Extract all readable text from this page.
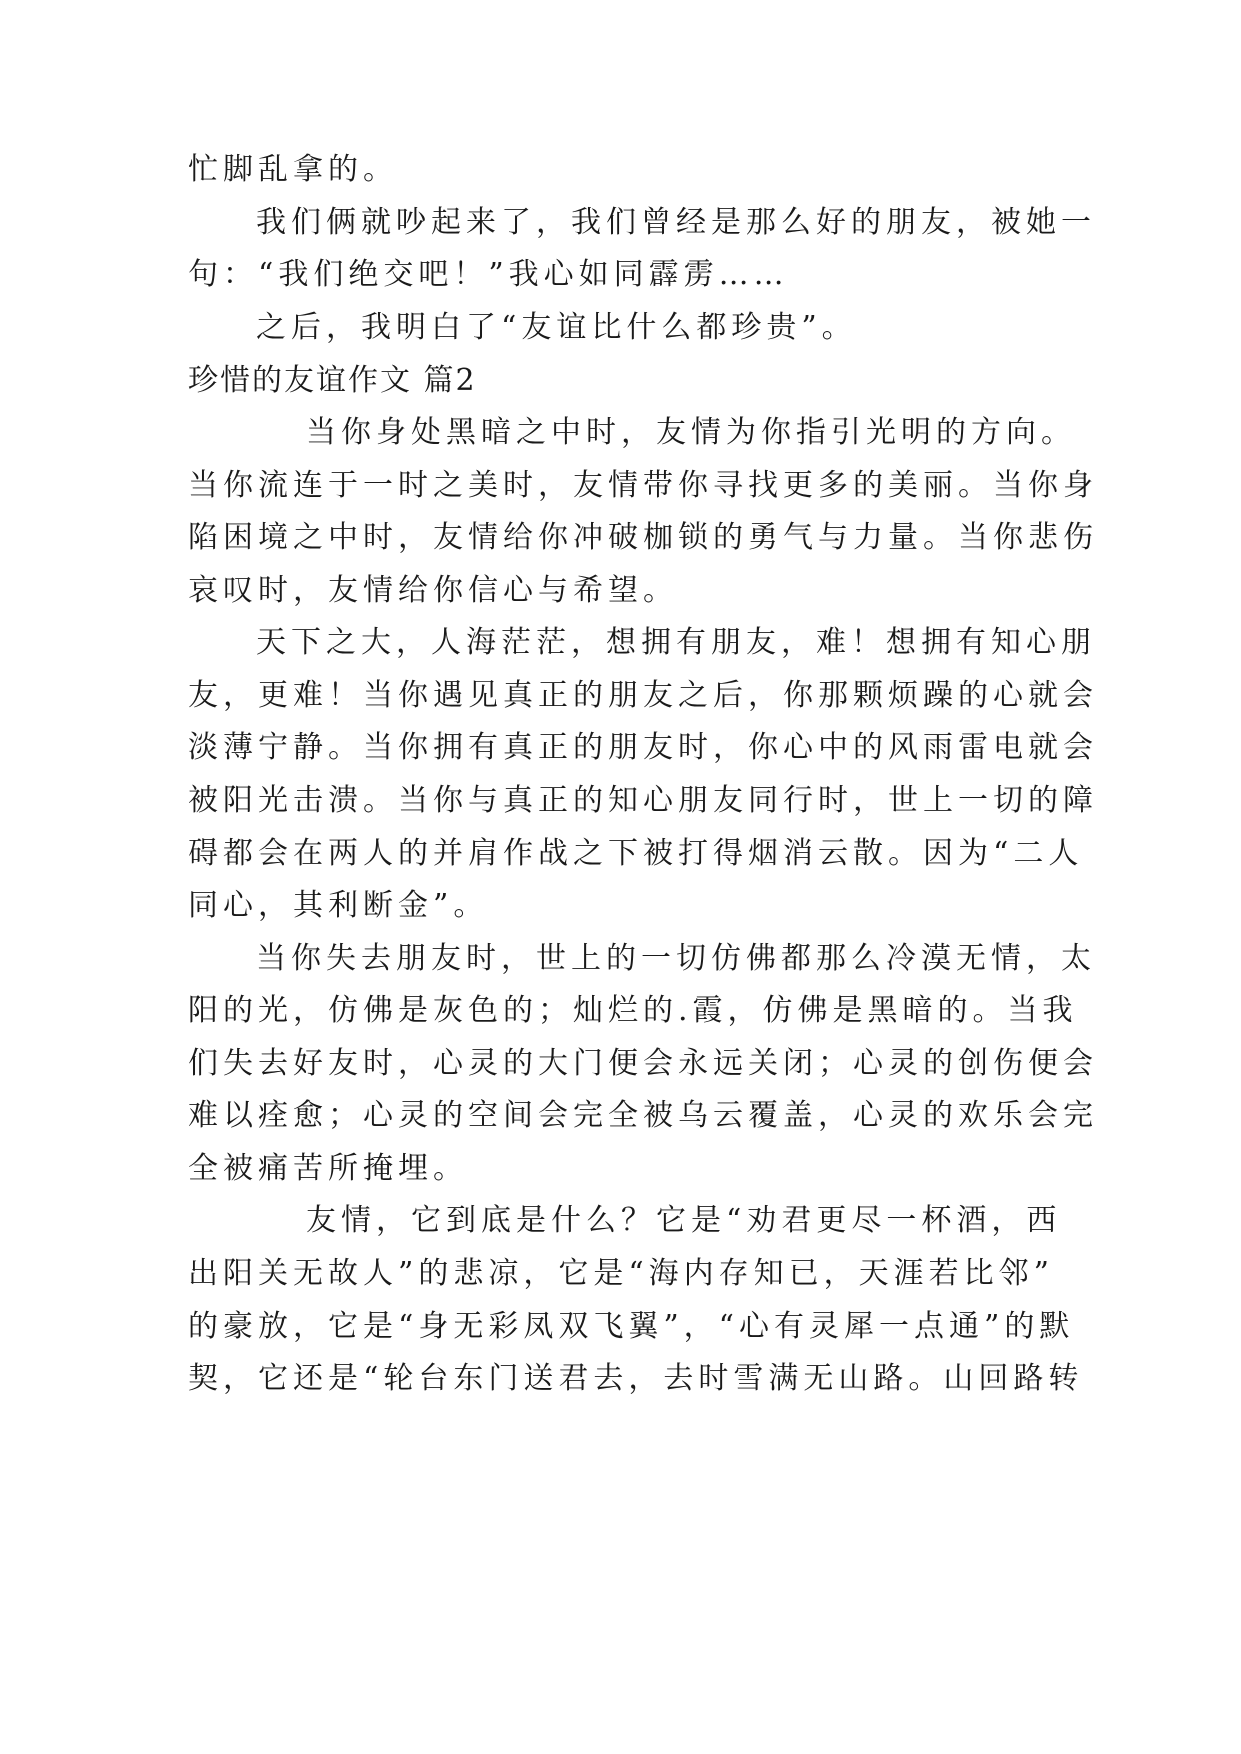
忙脚乱拿的。
我们俩就吵起来了，我们曾经是那么好的朋友，被她一
句：“我们绝交吧！”我心如同霹雳……
之后，我明白了“友谊比什么都珍贵”。
珍惜的友谊作文 篇2
当你身处黑暗之中时，友情为你指引光明的方向。
当你流连于一时之美时，友情带你寻找更多的美丽。当你身
陷困境之中时，友情给你冲破枷锁的勇气与力量。当你悲伤
哀叹时，友情给你信心与希望。
天下之大，人海茫茫，想拥有朋友，难！想拥有知心朋
友，更难！当你遇见真正的朋友之后，你那颗烦躁的心就会
淡薄宁静。当你拥有真正的朋友时，你心中的风雨雷电就会
被阳光击溃。当你与真正的知心朋友同行时，世上一切的障
碍都会在两人的并肩作战之下被打得烟消云散。因为“二人
同心，其利断金”。
当你失去朋友时，世上的一切仿佛都那么冷漠无情，太
阳的光，仿佛是灰色的；灿烂的.霞，仿佛是黑暗的。当我
们失去好友时，心灵的大门便会永远关闭；心灵的创伤便会
难以痊愈；心灵的空间会完全被乌云覆盖，心灵的欢乐会完
全被痛苦所掩埋。
友情，它到底是什么？它是“劝君更尽一杯酒，西
出阳关无故人”的悲凉，它是“海内存知已，天涯若比邻”
的豪放，它是“身无彩凤双飞翼”，“心有灵犀一点通”的默
契，它还是“轮台东门送君去，去时雪满无山路。山回路转
